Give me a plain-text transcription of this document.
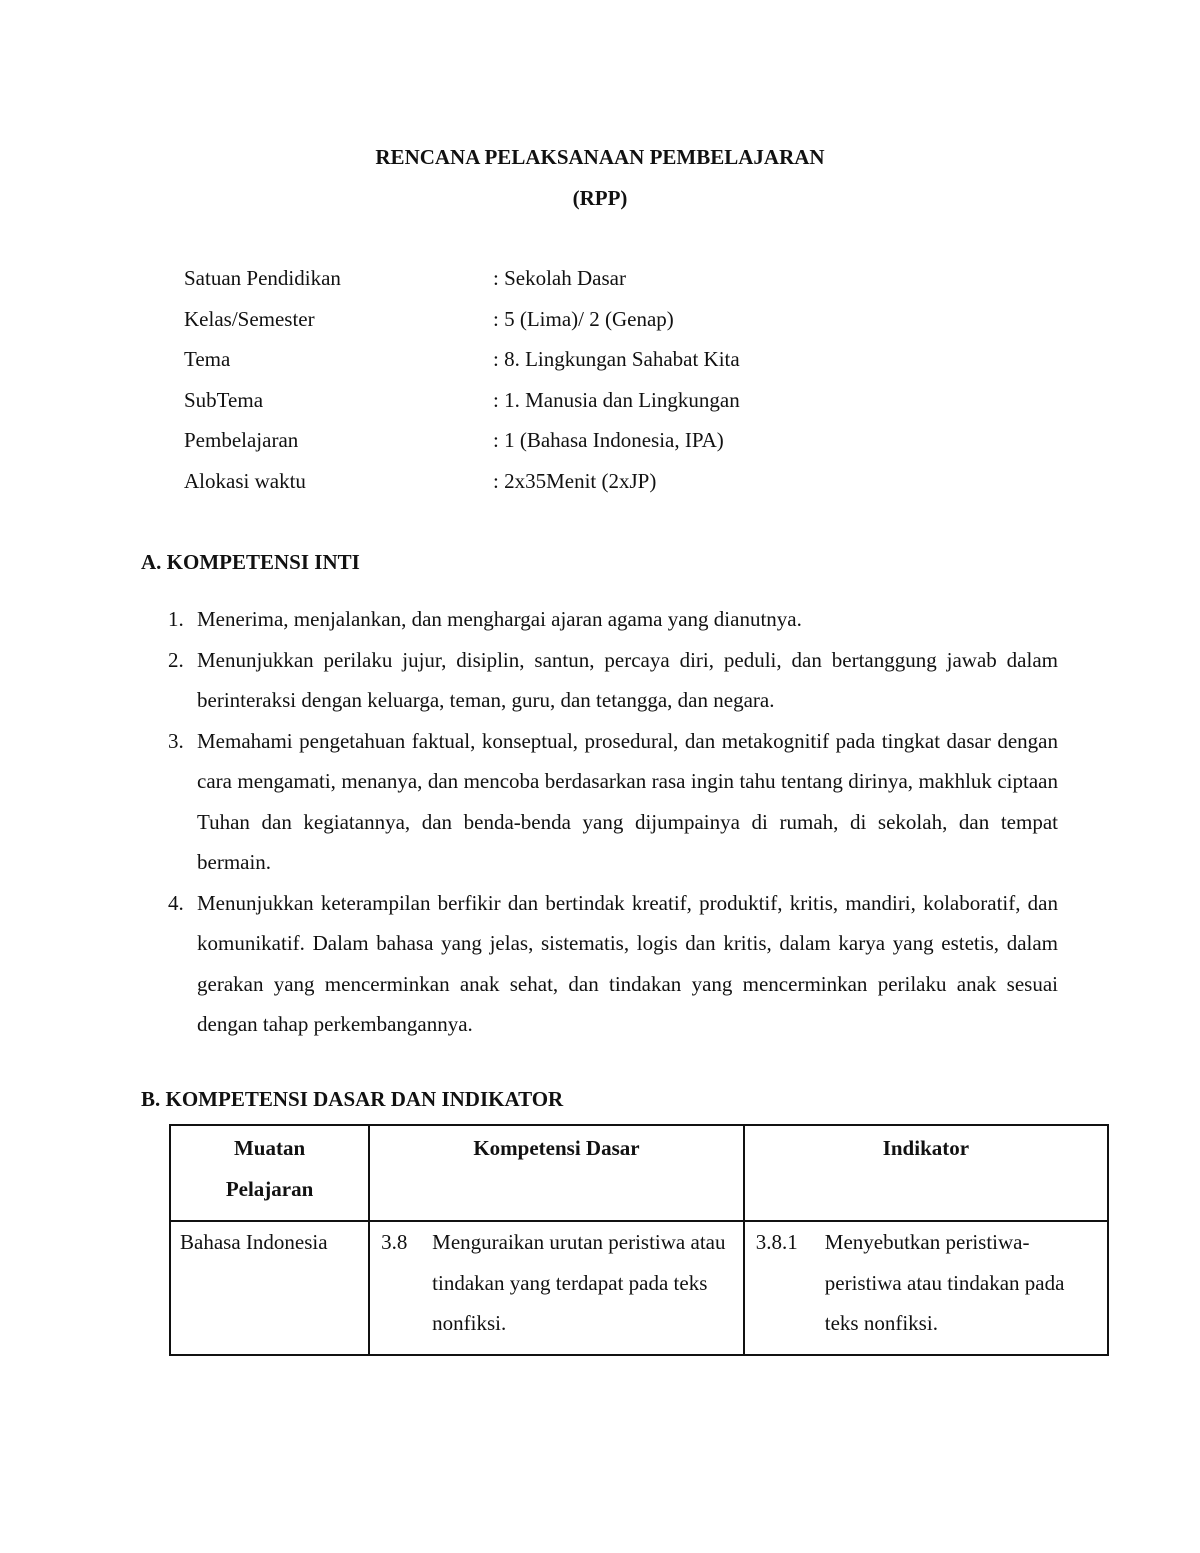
RENCANA PELAKSANAAN PEMBELAJARAN
(RPP)
Satuan Pendidikan	: Sekolah Dasar
Kelas/Semester	: 5 (Lima)/ 2 (Genap)
Tema	: 8. Lingkungan Sahabat Kita
SubTema	: 1. Manusia dan Lingkungan
Pembelajaran	: 1 (Bahasa Indonesia, IPA)
Alokasi waktu	: 2x35Menit (2xJP)
A. KOMPETENSI INTI
1. Menerima, menjalankan, dan menghargai ajaran agama yang dianutnya.
2. Menunjukkan perilaku jujur, disiplin, santun, percaya diri, peduli, dan bertanggung jawab dalam berinteraksi dengan keluarga, teman, guru, dan tetangga, dan negara.
3. Memahami pengetahuan faktual, konseptual, prosedural, dan metakognitif pada tingkat dasar dengan cara mengamati, menanya, dan mencoba berdasarkan rasa ingin tahu tentang dirinya, makhluk ciptaan Tuhan dan kegiatannya, dan benda-benda yang dijumpainya di rumah, di sekolah, dan tempat bermain.
4. Menunjukkan keterampilan berfikir dan bertindak kreatif, produktif, kritis, mandiri, kolaboratif, dan komunikatif. Dalam bahasa yang jelas, sistematis, logis dan kritis, dalam karya yang estetis, dalam gerakan yang mencerminkan anak sehat, dan tindakan yang mencerminkan perilaku anak sesuai dengan tahap perkembangannya.
B. KOMPETENSI DASAR DAN INDIKATOR
Muatan
Pelajaran	Kompetensi Dasar	Indikator
Bahasa Indonesia	3.8 Menguraikan urutan peristiwa atau tindakan yang terdapat pada teks nonfiksi.	3.8.1 Menyebutkan peristiwa-peristiwa atau tindakan pada teks nonfiksi.
